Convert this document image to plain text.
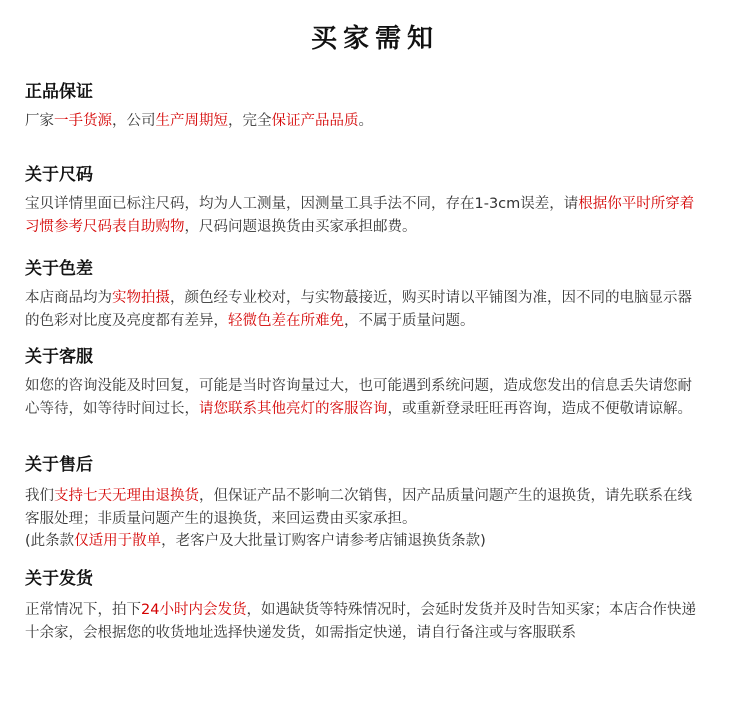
买家需知
正品保证

厂家一手货源，公司生产周期短，完全保证产品品质。

关于尺码

宝贝详情里面已标注尺码，均为人工测量，因测量工具手法不同，存在1-3cm误差，请根据你平时所穿着习惯参考尺码表自助购物，尺码问题退换货由买家承担邮费。

关于色差

本店商品均为实物拍摄，颜色经专业校对，与实物蕞接近，购买时请以平铺图为准，因不同的电脑显示器的色彩对比度及亮度都有差异，轻微色差在所难免，不属于质量问题。

关于客服

如您的咨询没能及时回复，可能是当时咨询量过大，也可能遇到系统问题，造成您发出的信息丢失请您耐心等待，如等待时间过长，请您联系其他亮灯的客服咨询，或重新登录旺旺再咨询，造成不便敬请谅解。

关于售后

我们支持七天无理由退换货，但保证产品不影响二次销售，因产品质量问题产生的退换货，请先联系在线客服处理；非质量问题产生的退换货，来回运费由买家承担。

(此条款仅适用于散单，老客户及大批量订购客户请参考店铺退换货条款)

关于发货

正常情况下，拍下24小时内会发货，如遇缺货等特殊情况时，会延时发货并及时告知买家；本店合作快递十余家，会根据您的收货地址选择快递发货，如需指定快递，请自行备注或与客服联系
